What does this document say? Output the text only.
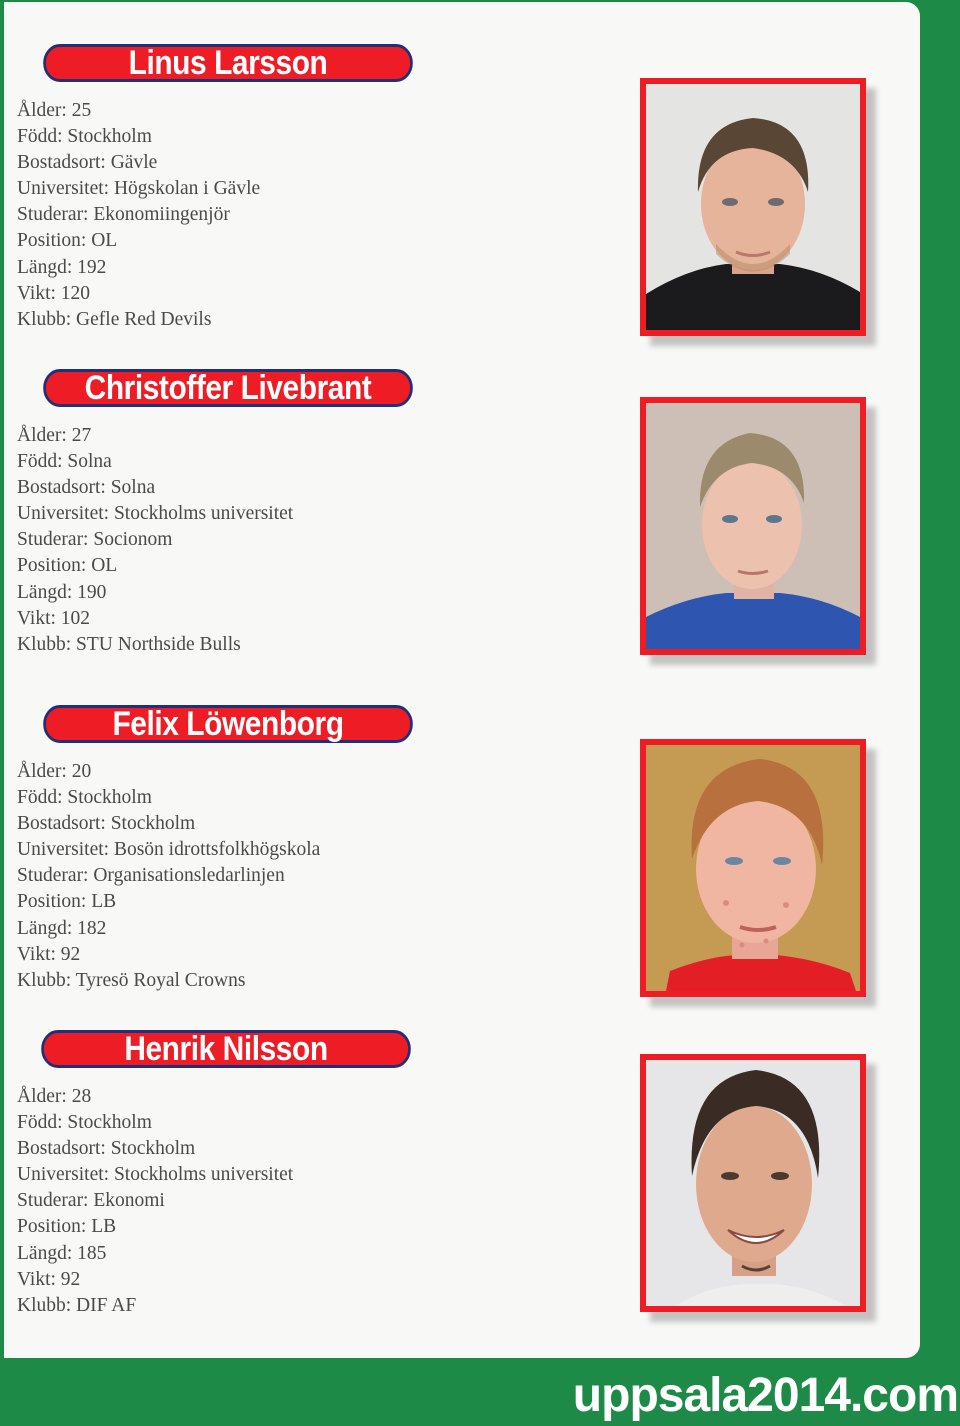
Linus Larsson
Ålder: 25
Född: Stockholm
Bostadsort: Gävle
Universitet: Högskolan i Gävle
Studerar: Ekonomiingenjör
Position: OL
Längd: 192
Vikt: 120
Klubb: Gefle Red Devils
Christoffer Livebrant
Ålder: 27
Född: Solna
Bostadsort: Solna
Universitet: Stockholms universitet
Studerar: Socionom
Position: OL
Längd: 190
Vikt: 102
Klubb: STU Northside Bulls
Felix Löwenborg
Ålder: 20
Född: Stockholm
Bostadsort: Stockholm
Universitet: Bosön idrottsfolkhögskola
Studerar: Organisationsledarlinjen
Position: LB
Längd: 182
Vikt: 92
Klubb: Tyresö Royal Crowns
Henrik Nilsson
Ålder: 28
Född: Stockholm
Bostadsort: Stockholm
Universitet: Stockholms universitet
Studerar: Ekonomi
Position: LB
Längd: 185
Vikt: 92
Klubb: DIF AF
uppsala2014.com
